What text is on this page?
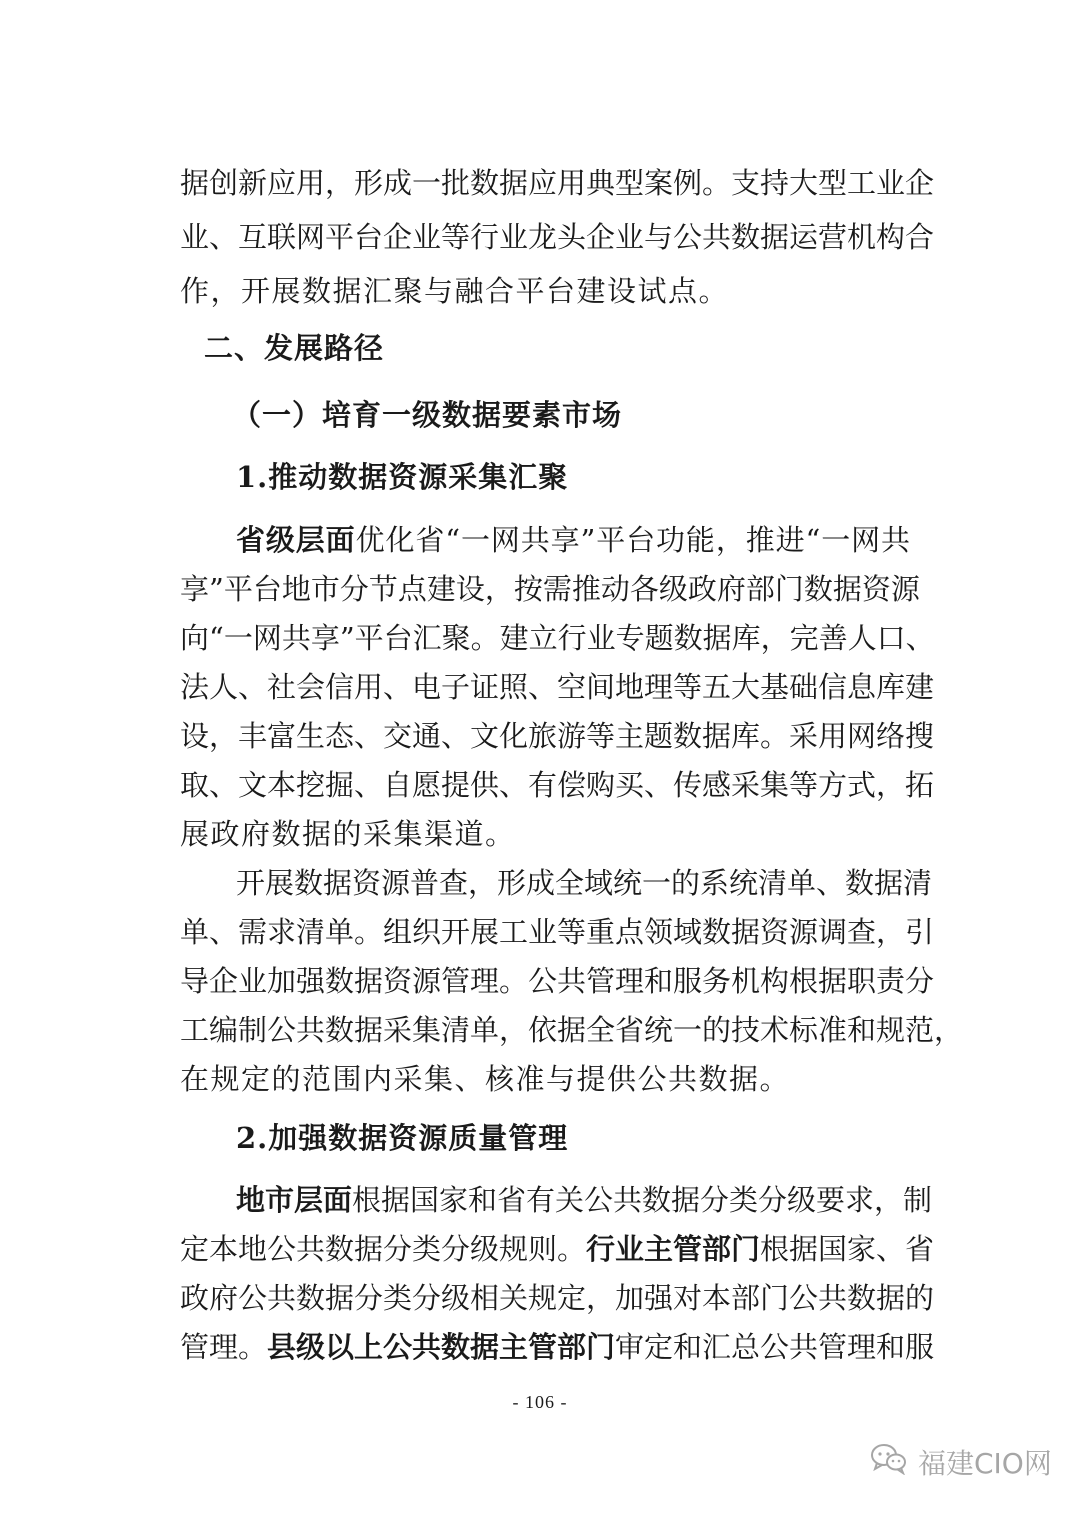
据创新应用，形成一批数据应用典型案例。支持大型工业企
业、互联网平台企业等行业龙头企业与公共数据运营机构合
作，开展数据汇聚与融合平台建设试点。
二、发展路径
（一）培育一级数据要素市场
1.推动数据资源采集汇聚
省级层面优化省“一网共享”平台功能，推进“一网共
享”平台地市分节点建设，按需推动各级政府部门数据资源
向“一网共享”平台汇聚。建立行业专题数据库，完善人口、
法人、社会信用、电子证照、空间地理等五大基础信息库建
设，丰富生态、交通、文化旅游等主题数据库。采用网络搜
取、文本挖掘、自愿提供、有偿购买、传感采集等方式，拓
展政府数据的采集渠道。
开展数据资源普查，形成全域统一的系统清单、数据清
单、需求清单。组织开展工业等重点领域数据资源调查，引
导企业加强数据资源管理。公共管理和服务机构根据职责分
工编制公共数据采集清单，依据全省统一的技术标准和规范，
在规定的范围内采集、核准与提供公共数据。
2.加强数据资源质量管理
地市层面根据国家和省有关公共数据分类分级要求，制
定本地公共数据分类分级规则。行业主管部门根据国家、省
政府公共数据分类分级相关规定，加强对本部门公共数据的
管理。县级以上公共数据主管部门审定和汇总公共管理和服
- 106 -
福建CIO网
